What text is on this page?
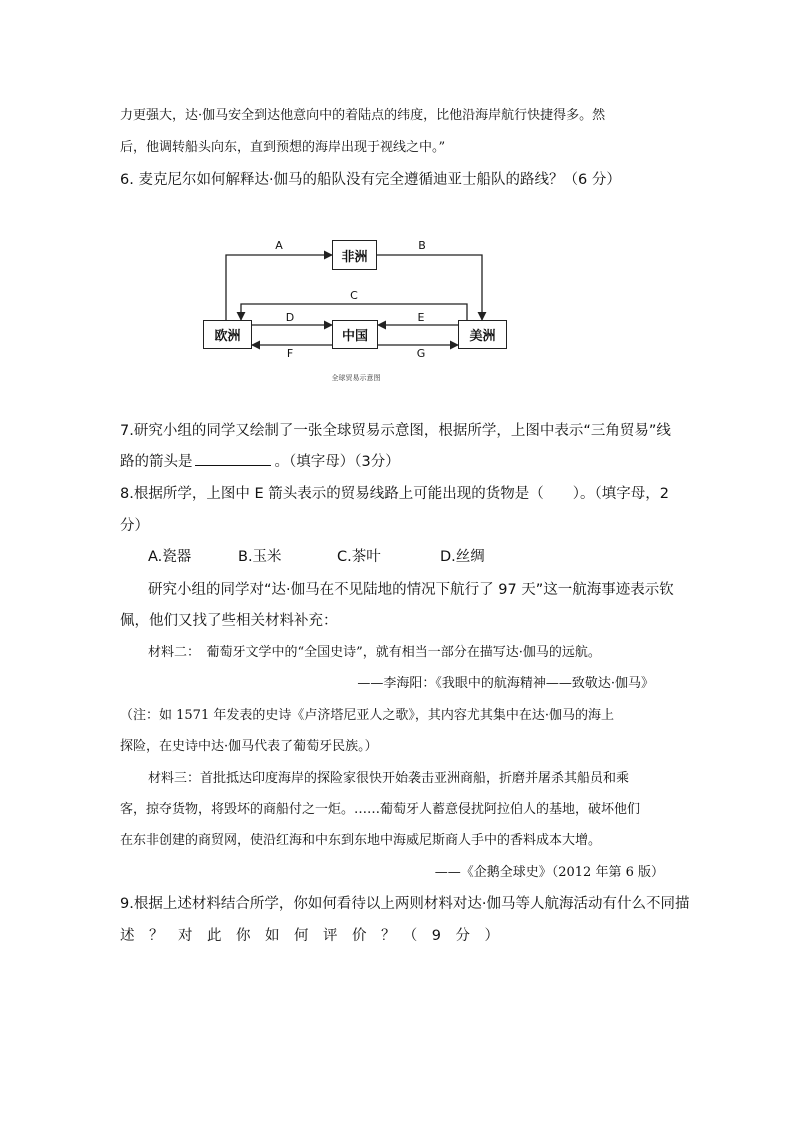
力更强大，达·伽马安全到达他意向中的着陆点的纬度，比他沿海岸航行快捷得多。然
后，他调转船头向东，直到预想的海岸出现于视线之中。”
6. 麦克尼尔如何解释达·伽马的船队没有完全遵循迪亚士船队的路线？（6 分）
非洲
欧洲	中国	美洲
A	B
C
D	E
F	G
全球贸易示意图
7.研究小组的同学又绘制了一张全球贸易示意图，根据所学，上图中表示“三角贸易”线
路的箭头是	。（填字母）（3分）
8.根据所学，上图中 E 箭头表示的贸易线路上可能出现的货物是（　　）。（填字母，2
分）
A.瓷器	B.玉米	C.茶叶	D.丝绸
研究小组的同学对“达·伽马在不见陆地的情况下航行了 97 天”这一航海事迹表示钦
佩，他们又找了些相关材料补充：
材料二：　葡萄牙文学中的“全国史诗”，就有相当一部分在描写达·伽马的远航。
——李海阳：《我眼中的航海精神——致敬达·伽马》
（注：如 1571 年发表的史诗《卢济塔尼亚人之歌》，其内容尤其集中在达·伽马的海上
探险，在史诗中达·伽马代表了葡萄牙民族。）
材料三：首批抵达印度海岸的探险家很快开始袭击亚洲商船，折磨并屠杀其船员和乘
客，掠夺货物，将毁坏的商船付之一炬。……葡萄牙人蓄意侵扰阿拉伯人的基地，破坏他们
在东非创建的商贸网，使沿红海和中东到东地中海威尼斯商人手中的香料成本大增。
——《企鹅全球史》（2012 年第 6 版）
9.根据上述材料结合所学，你如何看待以上两则材料对达·伽马等人航海活动有什么不同描
述　？　对　此　你　如　何　评　价　？　（　9　分　）
